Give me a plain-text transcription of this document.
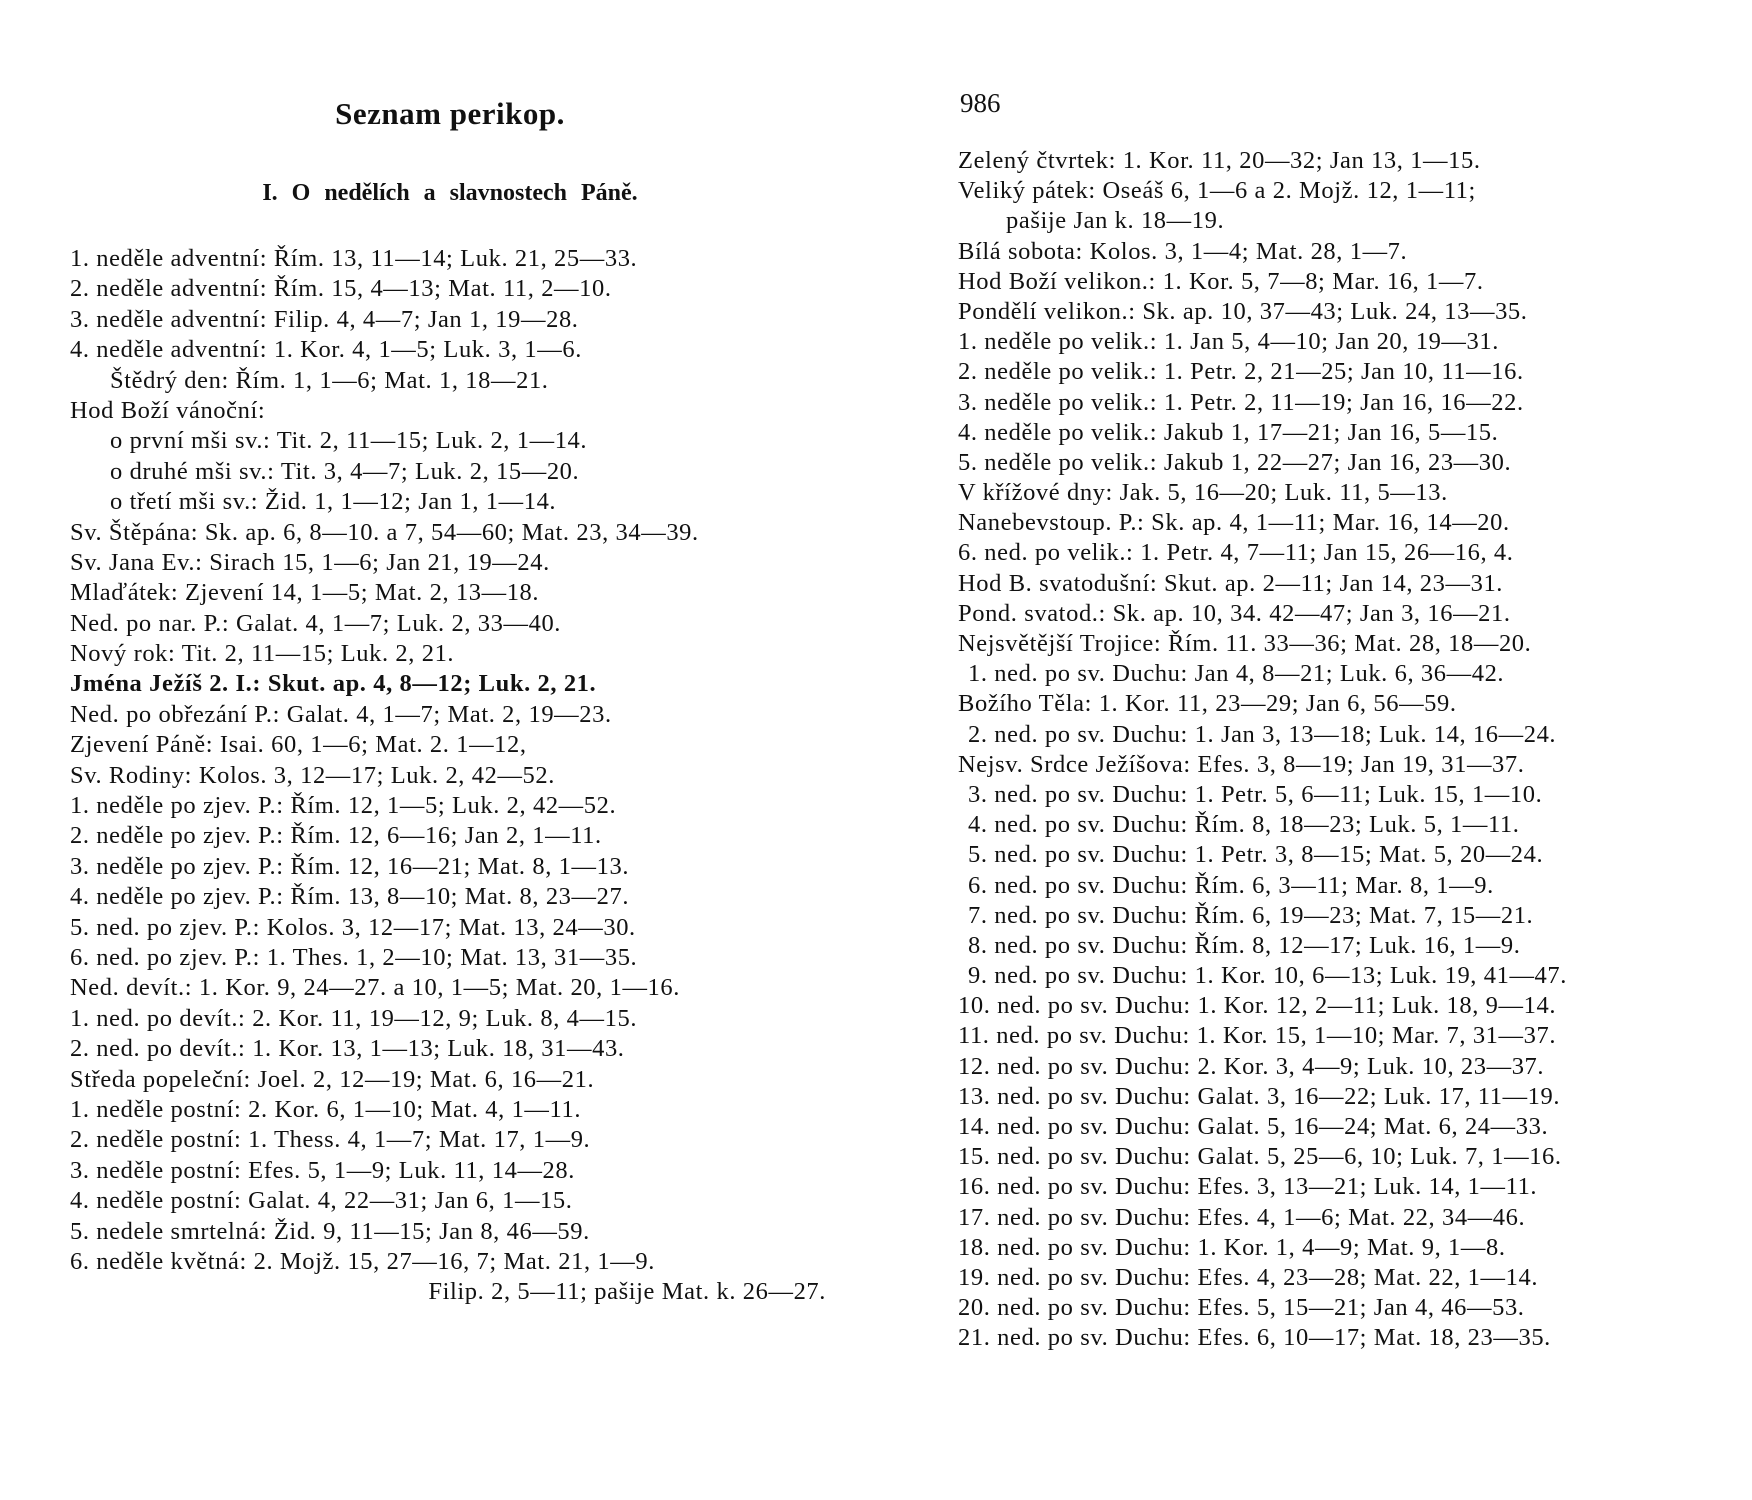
Seznam perikop.
I. O nedělích a slavnostech Páně.
986
1. neděle adventní: Řím. 13, 11—14; Luk. 21, 25—33.
2. neděle adventní: Řím. 15, 4—13; Mat. 11, 2—10.
3. neděle adventní: Filip. 4, 4—7; Jan 1, 19—28.
4. neděle adventní: 1. Kor. 4, 1—5; Luk. 3, 1—6.
Štědrý den: Řím. 1, 1—6; Mat. 1, 18—21.
Hod Boží vánoční:
o první mši sv.: Tit. 2, 11—15; Luk. 2, 1—14.
o druhé mši sv.: Tit. 3, 4—7; Luk. 2, 15—20.
o třetí mši sv.: Žid. 1, 1—12; Jan 1, 1—14.
Sv. Štěpána: Sk. ap. 6, 8—10. a 7, 54—60; Mat. 23, 34—39.
Sv. Jana Ev.: Sirach 15, 1—6; Jan 21, 19—24.
Mlaďátek: Zjevení 14, 1—5; Mat. 2, 13—18.
Ned. po nar. P.: Galat. 4, 1—7; Luk. 2, 33—40.
Nový rok: Tit. 2, 11—15; Luk. 2, 21.
Jména Ježíš 2. I.: Skut. ap. 4, 8—12; Luk. 2, 21.
Ned. po obřezání P.: Galat. 4, 1—7; Mat. 2, 19—23.
Zjevení Páně: Isai. 60, 1—6; Mat. 2. 1—12,
Sv. Rodiny: Kolos. 3, 12—17; Luk. 2, 42—52.
1. neděle po zjev. P.: Řím. 12, 1—5; Luk. 2, 42—52.
2. neděle po zjev. P.: Řím. 12, 6—16; Jan 2, 1—11.
3. neděle po zjev. P.: Řím. 12, 16—21; Mat. 8, 1—13.
4. neděle po zjev. P.: Řím. 13, 8—10; Mat. 8, 23—27.
5. ned. po zjev. P.: Kolos. 3, 12—17; Mat. 13, 24—30.
6. ned. po zjev. P.: 1. Thes. 1, 2—10; Mat. 13, 31—35.
Ned. devít.: 1. Kor. 9, 24—27. a 10, 1—5; Mat. 20, 1—16.
1. ned. po devít.: 2. Kor. 11, 19—12, 9; Luk. 8, 4—15.
2. ned. po devít.: 1. Kor. 13, 1—13; Luk. 18, 31—43.
Středa popeleční: Joel. 2, 12—19; Mat. 6, 16—21.
1. neděle postní: 2. Kor. 6, 1—10; Mat. 4, 1—11.
2. neděle postní: 1. Thess. 4, 1—7; Mat. 17, 1—9.
3. neděle postní: Efes. 5, 1—9; Luk. 11, 14—28.
4. neděle postní: Galat. 4, 22—31; Jan 6, 1—15.
5. nedele smrtelná: Žid. 9, 11—15; Jan 8, 46—59.
6. neděle květná: 2. Mojž. 15, 27—16, 7; Mat. 21, 1—9.
Filip. 2, 5—11; pašije Mat. k. 26—27.
Zelený čtvrtek: 1. Kor. 11, 20—32; Jan 13, 1—15.
Veliký pátek: Oseáš 6, 1—6 a 2. Mojž. 12, 1—11;
pašije Jan k. 18—19.
Bílá sobota: Kolos. 3, 1—4; Mat. 28, 1—7.
Hod Boží velikon.: 1. Kor. 5, 7—8; Mar. 16, 1—7.
Pondělí velikon.: Sk. ap. 10, 37—43; Luk. 24, 13—35.
1. neděle po velik.: 1. Jan 5, 4—10; Jan 20, 19—31.
2. neděle po velik.: 1. Petr. 2, 21—25; Jan 10, 11—16.
3. neděle po velik.: 1. Petr. 2, 11—19; Jan 16, 16—22.
4. neděle po velik.: Jakub 1, 17—21; Jan 16, 5—15.
5. neděle po velik.: Jakub 1, 22—27; Jan 16, 23—30.
V křížové dny: Jak. 5, 16—20; Luk. 11, 5—13.
Nanebevstoup. P.: Sk. ap. 4, 1—11; Mar. 16, 14—20.
6. ned. po velik.: 1. Petr. 4, 7—11; Jan 15, 26—16, 4.
Hod B. svatodušní: Skut. ap. 2—11; Jan 14, 23—31.
Pond. svatod.: Sk. ap. 10, 34. 42—47; Jan 3, 16—21.
Nejsvětější Trojice: Řím. 11. 33—36; Mat. 28, 18—20.
1. ned. po sv. Duchu: Jan 4, 8—21; Luk. 6, 36—42.
Božího Těla: 1. Kor. 11, 23—29; Jan 6, 56—59.
2. ned. po sv. Duchu: 1. Jan 3, 13—18; Luk. 14, 16—24.
Nejsv. Srdce Ježíšova: Efes. 3, 8—19; Jan 19, 31—37.
3. ned. po sv. Duchu: 1. Petr. 5, 6—11; Luk. 15, 1—10.
4. ned. po sv. Duchu: Řím. 8, 18—23; Luk. 5, 1—11.
5. ned. po sv. Duchu: 1. Petr. 3, 8—15; Mat. 5, 20—24.
6. ned. po sv. Duchu: Řím. 6, 3—11; Mar. 8, 1—9.
7. ned. po sv. Duchu: Řím. 6, 19—23; Mat. 7, 15—21.
8. ned. po sv. Duchu: Řím. 8, 12—17; Luk. 16, 1—9.
9. ned. po sv. Duchu: 1. Kor. 10, 6—13; Luk. 19, 41—47.
10. ned. po sv. Duchu: 1. Kor. 12, 2—11; Luk. 18, 9—14.
11. ned. po sv. Duchu: 1. Kor. 15, 1—10; Mar. 7, 31—37.
12. ned. po sv. Duchu: 2. Kor. 3, 4—9; Luk. 10, 23—37.
13. ned. po sv. Duchu: Galat. 3, 16—22; Luk. 17, 11—19.
14. ned. po sv. Duchu: Galat. 5, 16—24; Mat. 6, 24—33.
15. ned. po sv. Duchu: Galat. 5, 25—6, 10; Luk. 7, 1—16.
16. ned. po sv. Duchu: Efes. 3, 13—21; Luk. 14, 1—11.
17. ned. po sv. Duchu: Efes. 4, 1—6; Mat. 22, 34—46.
18. ned. po sv. Duchu: 1. Kor. 1, 4—9; Mat. 9, 1—8.
19. ned. po sv. Duchu: Efes. 4, 23—28; Mat. 22, 1—14.
20. ned. po sv. Duchu: Efes. 5, 15—21; Jan 4, 46—53.
21. ned. po sv. Duchu: Efes. 6, 10—17; Mat. 18, 23—35.
